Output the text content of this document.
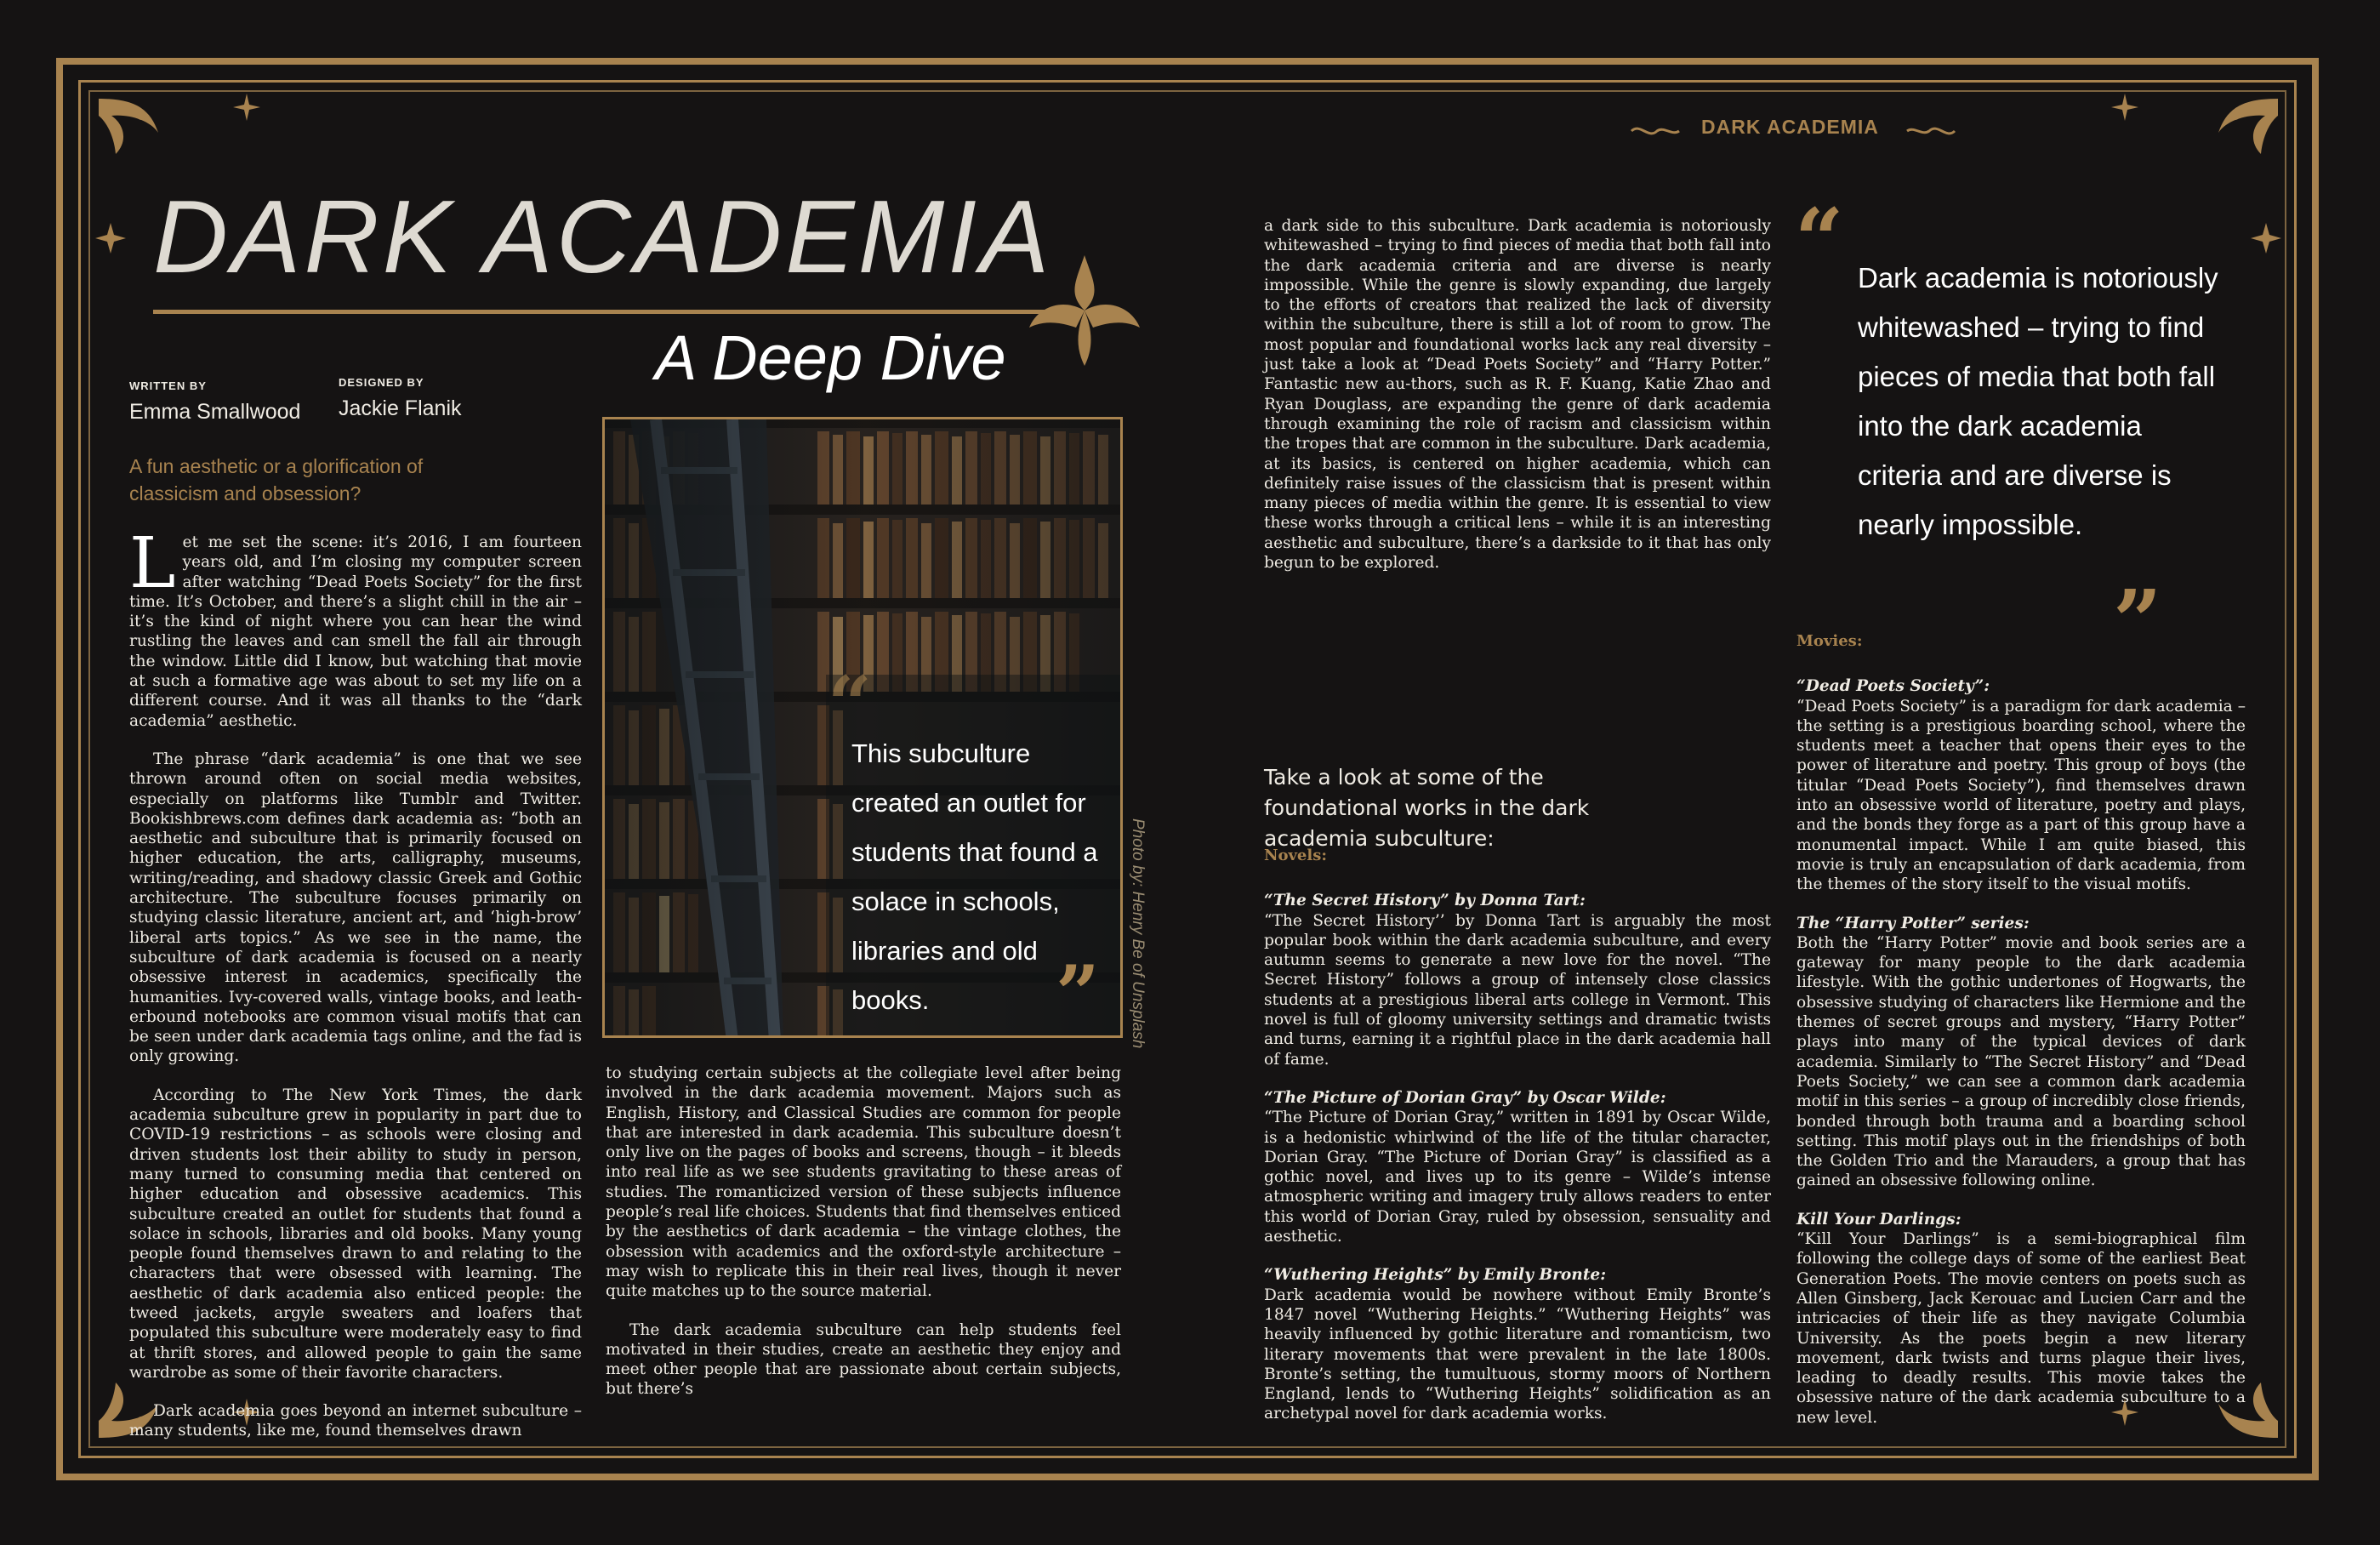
DARK ACADEMIA
DARK ACADEMIA
A Deep Dive
WRITTEN BY
Emma Smallwood
DESIGNED BY
Jackie Flanik
A fun aesthetic or a glorification of classicism and obsession?

Let me set the scene: it’s 2016, I am fourteen years old, and I’m closing my computer screen after watching “Dead Poets Society” for the first time. It’s October, and there’s a slight chill in the air – it’s the kind of night where you can hear the wind rustling the leaves and can smell the fall air through the window. Little did I know, but watching that movie at such a formative age was about to set my life on a different course. And it was all thanks to the “dark academia” aesthetic.

The phrase “dark academia” is one that we see thrown around often on social media websites, especially on platforms like Tumblr and Twitter. Bookishbrews.com defines dark academia as: “both an aesthetic and subculture that is primarily focused on higher education, the arts, calligraphy, museums, writing/reading, and shadowy classic Greek and Gothic architecture. The subculture focuses primarily on studying classic literature, ancient art, and ‘high-brow’ liberal arts topics.” As we see in the name, the subculture of dark academia is focused on a nearly obsessive interest in academics, specifically the humanities. Ivy-covered walls, vintage books, and leath-erbound notebooks are common visual motifs that can be seen under dark academia tags online, and the fad is only growing.

According to The New York Times, the dark academia subculture grew in popularity in part due to COVID-19 restrictions – as schools were closing and driven students lost their ability to study in person, many turned to consuming media that centered on higher education and obsessive academics. This subculture created an outlet for students that found a solace in schools, libraries and old books. Many young people found themselves drawn to and relating to the characters that were obsessed with learning. The aesthetic of dark academia also enticed people: the tweed jackets, argyle sweaters and loafers that populated this subculture were moderately easy to find at thrift stores, and allowed people to gain the same wardrobe as some of their favorite characters.

Dark academia goes beyond an internet subculture –many students, like me, found themselves drawn

“
This subculture created an outlet for students that found a solace in schools, libraries and old books.	” Photo by: Henry Be of Unsplash

to studying certain subjects at the collegiate level after being involved in the dark academia movement. Majors such as English, History, and Classical Studies are common for people that are interested in dark academia. This subculture doesn’t only live on the pages of books and screens, though – it bleeds into real life as we see students gravitating to these areas of studies. The romanticized version of these subjects influence people’s real life choices. Students that find themselves enticed by the aesthetics of dark academia – the vintage clothes, the obsession with academics and the oxford-style architecture – may wish to replicate this in their real lives, though it never quite matches up to the source material.

The dark academia subculture can help students feel motivated in their studies, create an aesthetic they enjoy and meet other people that are passionate about certain subjects, but there’s

a dark side to this subculture. Dark academia is notoriously whitewashed – trying to find pieces of media that both fall into the dark academia criteria and are diverse is nearly impossible. While the genre is slowly expanding, due largely to the efforts of creators that realized the lack of diversity within the subculture, there is still a lot of room to grow. The most popular and foundational works lack any real diversity – just take a look at “Dead Poets Society” and “Harry Potter.” Fantastic new au-thors, such as R. F. Kuang, Katie Zhao and Ryan Douglass, are expanding the genre of dark academia through examining the role of racism and classicism within the tropes that are common in the subculture. Dark academia, at its basics, is centered on higher academia, which can definitely raise issues of the classicism that is present within many pieces of media within the genre. It is essential to view these works through a critical lens – while it is an interesting aesthetic and subculture, there’s a darkside to it that has only begun to be explored.

Take a look at some of the foundational works in the dark academia subculture:

Novels:

“The Secret History” by Donna Tart:
“The Secret History’’ by Donna Tart is arguably the most popular book within the dark academia subculture, and every autumn seems to generate a new love for the novel. “The Secret History” follows a group of intensely close classics students at a prestigious liberal arts college in Vermont. This novel is full of gloomy university settings and dramatic twists and turns, earning it a rightful place in the dark academia hall of fame.

“The Picture of Dorian Gray” by Oscar Wilde:
“The Picture of Dorian Gray,” written in 1891 by Oscar Wilde, is a hedonistic whirlwind of the life of the titular character, Dorian Gray. “The Picture of Dorian Gray” is classified as a gothic novel, and lives up to its genre – Wilde’s intense atmospheric writing and imagery truly allows readers to enter this world of Dorian Gray, ruled by obsession, sensuality and aesthetic.

“Wuthering Heights” by Emily Bronte:
Dark academia would be nowhere without Emily Bronte’s 1847 novel “Wuthering Heights.” “Wuthering Heights” was heavily influenced by gothic literature and romanticism, two literary movements that were prevalent in the late 1800s. Bronte’s setting, the tumultuous, stormy moors of Northern England, lends to “Wuthering Heights” solidification as an archetypal novel for dark academia works.

“ Dark academia is notoriously whitewashed – trying to find pieces of media that both fall into the dark academia criteria and are diverse is nearly impossible.
”

Movies:

“Dead Poets Society”:
“Dead Poets Society” is a paradigm for dark academia – the setting is a prestigious boarding school, where the students meet a teacher that opens their eyes to the power of literature and poetry. This group of boys (the titular “Dead Poets Society”), find themselves drawn into an obsessive world of literature, poetry and plays, and the bonds they forge as a part of this group have a monumental impact. While I am quite biased, this movie is truly an encapsulation of dark academia, from the themes of the story itself to the visual motifs.

The “Harry Potter” series:
Both the “Harry Potter” movie and book series are a gateway for many people to the dark academia lifestyle. With the gothic undertones of Hogwarts, the obsessive studying of characters like Hermione and the themes of secret groups and mystery, “Harry Potter” plays into many of the typical devices of dark academia. Similarly to “The Secret History” and “Dead Poets Society,” we can see a common dark academia motif in this series – a group of incredibly close friends, bonded through both trauma and a boarding school setting. This motif plays out in the friendships of both the Golden Trio and the Marauders, a group that has gained an obsessive following online.

Kill Your Darlings:
“Kill Your Darlings” is a semi-biographical film following the college days of some of the earliest Beat Generation Poets. The movie centers on poets such as Allen Ginsberg, Jack Kerouac and Lucien Carr and the intricacies of their life as they navigate Columbia University. As the poets begin a new literary movement, dark twists and turns plague their lives, leading to deadly results. This movie takes the obsessive nature of the dark academia subculture to a new level.
